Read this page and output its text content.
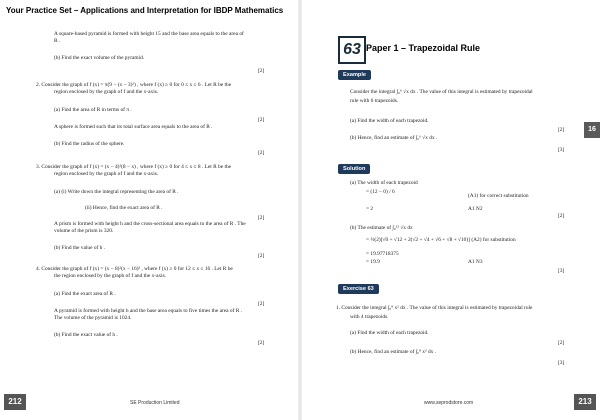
Your Practice Set – Applications and Interpretation for IBDP Mathematics
A square-based pyramid is formed with height 15 and the base area equals to the area of
R .
(b) Find the exact volume of the pyramid.
[2]
2. Consider the graph of f (x) = π(9 − (x − 3)²) , where f (x) ≥ 0 for 0 ≤ x ≤ 6 . Let R be the
region enclosed by the graph of f and the x-axis.
(a) Find the area of R in terms of π .
[2]
A sphere is formed such that its total surface area equals to the area of R .
(b) Find the radius of the sphere.
[2]
3. Consider the graph of f (x) = (x − 4)²(8 − x) , where f (x) ≥ 0 for 4 ≤ x ≤ 8 . Let R be the
region enclosed by the graph of f and the x-axis.
(a) (i) Write down the integral representing the area of R .
(ii) Hence, find the exact area of R .
[2]
A prism is formed with height h and the cross-sectional area equals to the area of R . The
volume of the prism is 320.
(b) Find the value of h .
[2]
4. Consider the graph of f (x) = (x − 8)²(x − 16)² , where f (x) ≥ 0 for 12 ≤ x ≤ 16 . Let R be
the region enclosed by the graph of f and the x-axis.
(a) Find the exact area of R .
[2]
A pyramid is formed with height h and the base area equals to five times the area of R .
The volume of the pyramid is 1024.
(b) Find the exact value of h .
[2]
212	SE Production Limited
63 Paper 1 – Trapezoidal Rule
16
Example
Consider the integral ∫₀⁶ √x dx . The value of this integral is estimated by trapezoidal
rule with 6 trapezoids.
(a) Find the width of each trapezoid.
[2]
(b) Hence, find an estimate of ∫₀⁶ √x dx .
[3]
Solution
(a) The width of each trapezoid
= (12 − 0) / 6
(A1) for correct substitution
= 2	A1 N2
[2]
(b) The estimate of ∫₀¹² √x dx
= ½(2)[√0 + √12 + 2(√2 + √4 + √6 + √8 + √10)] (A2) for substitution
= 19.97718375
= 19.9	A1 N3
[3]
Exercise 63
1. Consider the integral ∫₀⁸ x² dx . The value of this integral is estimated by trapezoidal rule
with 4 trapezoids.
(a) Find the width of each trapezoid.
[2]
(b) Hence, find an estimate of ∫₀⁸ x² dx .
[3]
213
www.seprodstore.com
